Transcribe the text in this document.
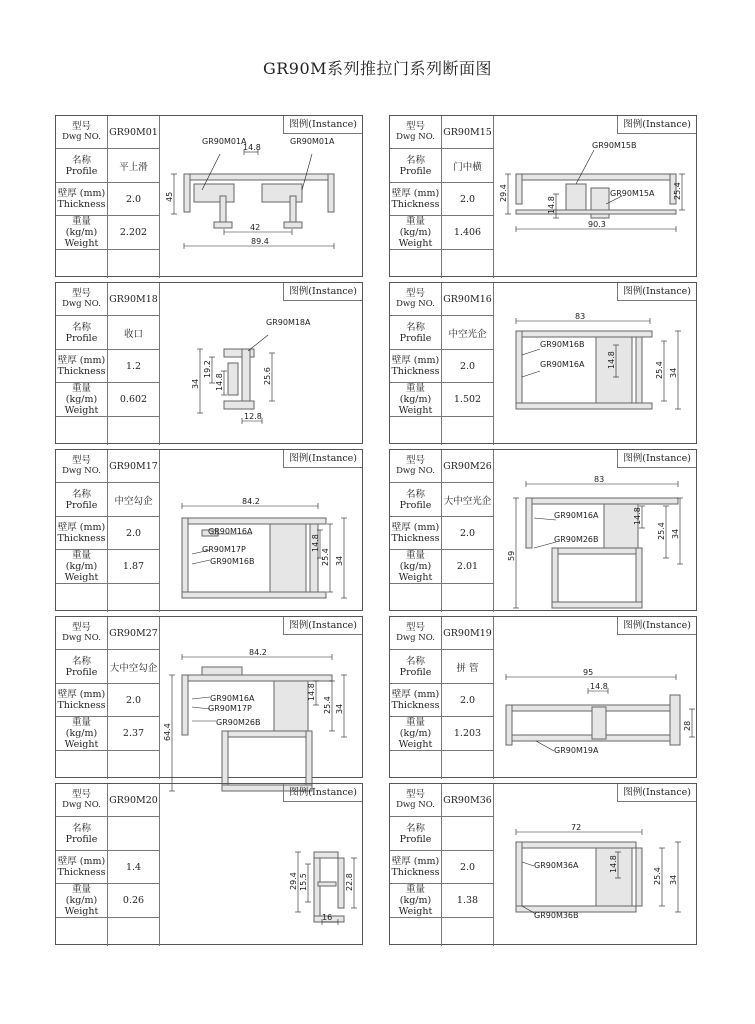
GR90M系列推拉门系列断面图
型号
Dwg NO. GR90M01
名称
Profile	平上滑
壁厚 (mm)
Thickness	2.0
重量 (kg/m)
Weight
2.202
图例(Instance)
14.8
45
42
89.4
GR90M01A	GR90M01A
型号
Dwg NO. GR90M15
名称
Profile	门中横
壁厚 (mm)
Thickness	2.0
重量 (kg/m)
Weight
1.406
图例(Instance)
29.4
14.8
25.4
90.3
GR90M15B
GR90M15A
型号
Dwg NO. GR90M18
名称
Profile	收口
壁厚 (mm)
Thickness	1.2
重量 (kg/m)
Weight
0.602
图例(Instance)
34
19.2
14.8	25.6
12.8
GR90M18A
型号
Dwg NO. GR90M16
名称
Profile	中空光企
壁厚 (mm)
Thickness	2.0
重量 (kg/m)
Weight
1.502
图例(Instance)
83
25.4 34
14.8
GR90M16B
GR90M16A
型号
Dwg NO. GR90M17
名称
Profile	中空勾企
壁厚 (mm)
Thickness	2.0
重量 (kg/m)
Weight
1.87
图例(Instance)
84.2
14.8
25.4 34
GR90M16A
GR90M17P
GR90M16B
型号
Dwg NO. GR90M26
名称
Profile 大中空光企
壁厚 (mm)
Thickness	2.0
重量 (kg/m)
Weight
2.01
图例(Instance)
83
14.8
25.4 34
59
GR90M16A
GR90M26B
型号
Dwg NO. GR90M27
名称
Profile 大中空勾企
壁厚 (mm)
Thickness	2.0
重量 (kg/m)
Weight
2.37
图例(Instance)
84.2
14.8
25.4 34
64.4
GR90M16A
GR90M17P
GR90M26B
型号
Dwg NO. GR90M19
名称
Profile	拼 管
壁厚 (mm)
Thickness	2.0
重量 (kg/m)
Weight
1.203
图例(Instance)
95
14.8
28
GR90M19A
型号
Dwg NO. GR90M20
名称
Profile
壁厚 (mm)
Thickness	1.4
重量 (kg/m)
Weight
0.26
图例(Instance)
29.4 15.5	22.8
16
型号
Dwg NO. GR90M36
名称
Profile
壁厚 (mm)
Thickness	2.0
重量 (kg/m)
Weight
1.38
图例(Instance)
72
14.8
25.4 34
GR90M36A
GR90M36B
